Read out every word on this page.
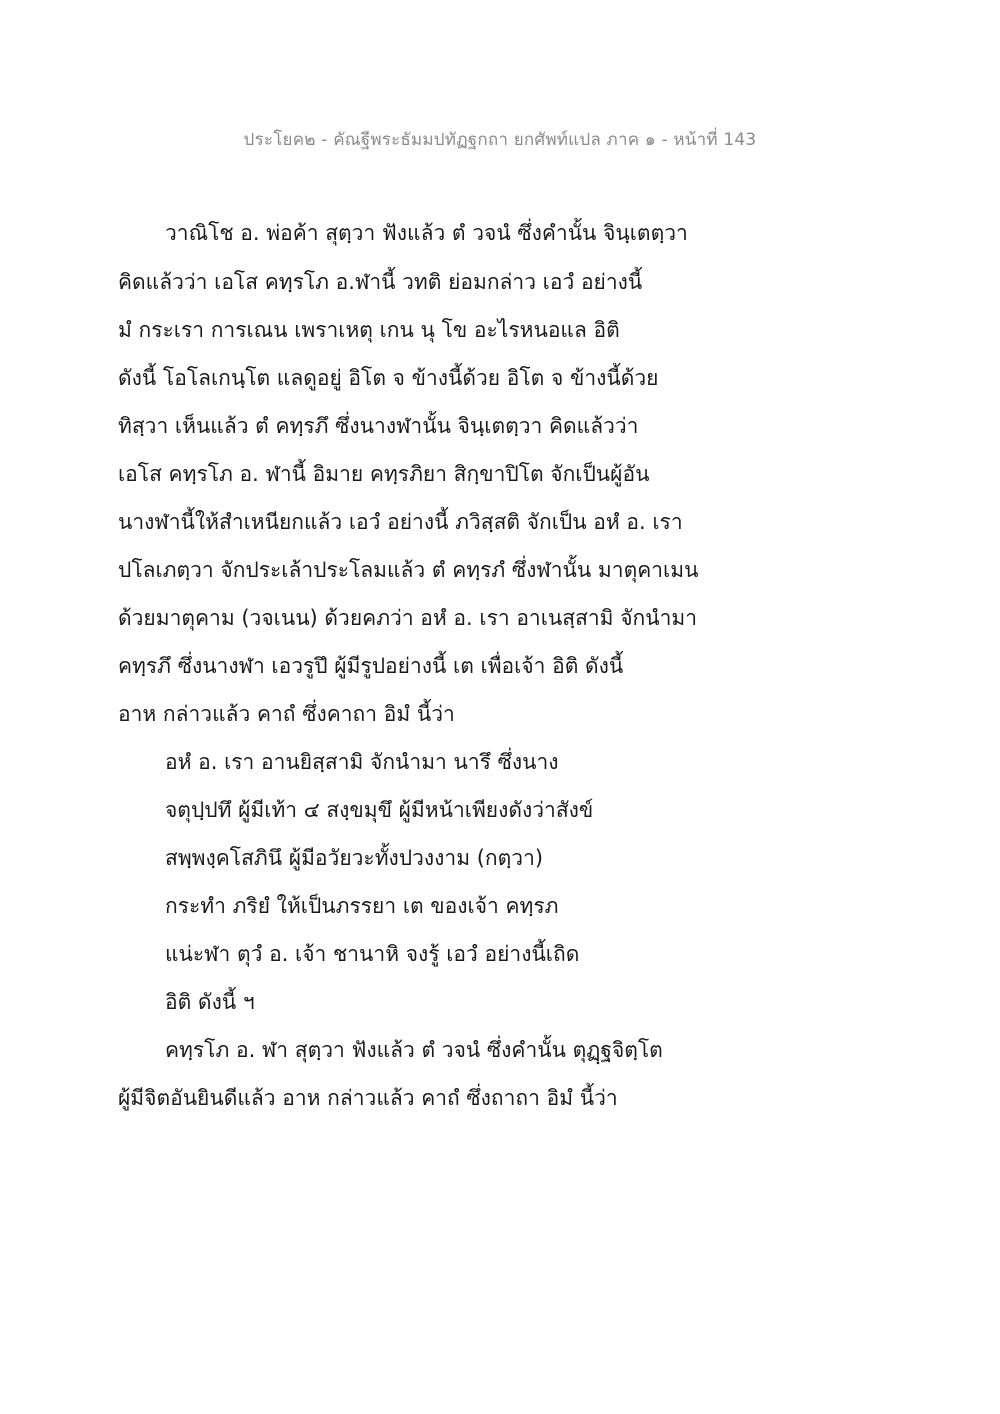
ประโยค๒ - คัณฐีพระธัมมปทัฏฐกถา ยกศัพท์แปล ภาค ๑ - หน้าที่ 143
วาณิโช อ. พ่อค้า สุตฺวา ฟังแล้ว ตํ วจนํ ซึ่งคำนั้น จินฺเตตฺวา
คิดแล้วว่า เอโส คทฺรโภ อ.ฬานี้ วทติ ย่อมกล่าว เอวํ อย่างนี้
มํ กระเรา การเณน เพราเหตุ เกน นุ โข อะไรหนอแล อิติ
ดังนี้ โอโลเกนฺโต แลดูอยู่ อิโต จ ข้างนี้ด้วย อิโต จ ข้างนี้ด้วย
ทิสฺวา เห็นแล้ว ตํ คทฺรภึ ซึ่งนางฬานั้น จินฺเตตฺวา คิดแล้วว่า
เอโส คทฺรโภ อ. ฬานี้ อิมาย คทฺรภิยา สิกฺขาปิโต จักเป็นผู้อัน
นางฬานี้ให้สำเหนียกแล้ว เอวํ อย่างนี้ ภวิสฺสติ จักเป็น อหํ อ. เรา
ปโลเภตฺวา จักประเล้าประโลมแล้ว ตํ คทฺรภํ ซึ่งฬานั้น มาตุคาเมน
ด้วยมาตุคาม (วจเนน) ด้วยคภว่า อหํ อ. เรา อาเนสฺสามิ จักนำมา
คทฺรภึ ซึ่งนางฬา เอวรูปึ ผู้มีรูปอย่างนี้ เต เพื่อเจ้า อิติ ดังนี้
อาห กล่าวแล้ว คาถํ ซึ่งคาถา อิมํ นี้ว่า
อหํ อ. เรา อานยิสฺสามิ จักนำมา นารึ ซึ่งนาง
จตุปฺปทึ ผู้มีเท้า ๔ สงฺขมุขึ ผู้มีหน้าเพียงดังว่าสังข์
สพฺพงฺคโสภินึ ผู้มีอวัยวะทั้งปวงงาม (กตฺวา)
กระทำ ภริยํ ให้เป็นภรรยา เต ของเจ้า คทฺรภ
แน่ะฬา ตุวํ อ. เจ้า ชานาหิ จงรู้ เอวํ อย่างนี้เถิด
อิติ ดังนี้ ฯ
คทฺรโภ อ. ฬา สุตฺวา ฟังแล้ว ตํ วจนํ ซึ่งคำนั้น ตุฏฺฐจิตฺโต
ผู้มีจิตอันยินดีแล้ว อาห กล่าวแล้ว คาถํ ซึ่งถาถา อิมํ นี้ว่า
